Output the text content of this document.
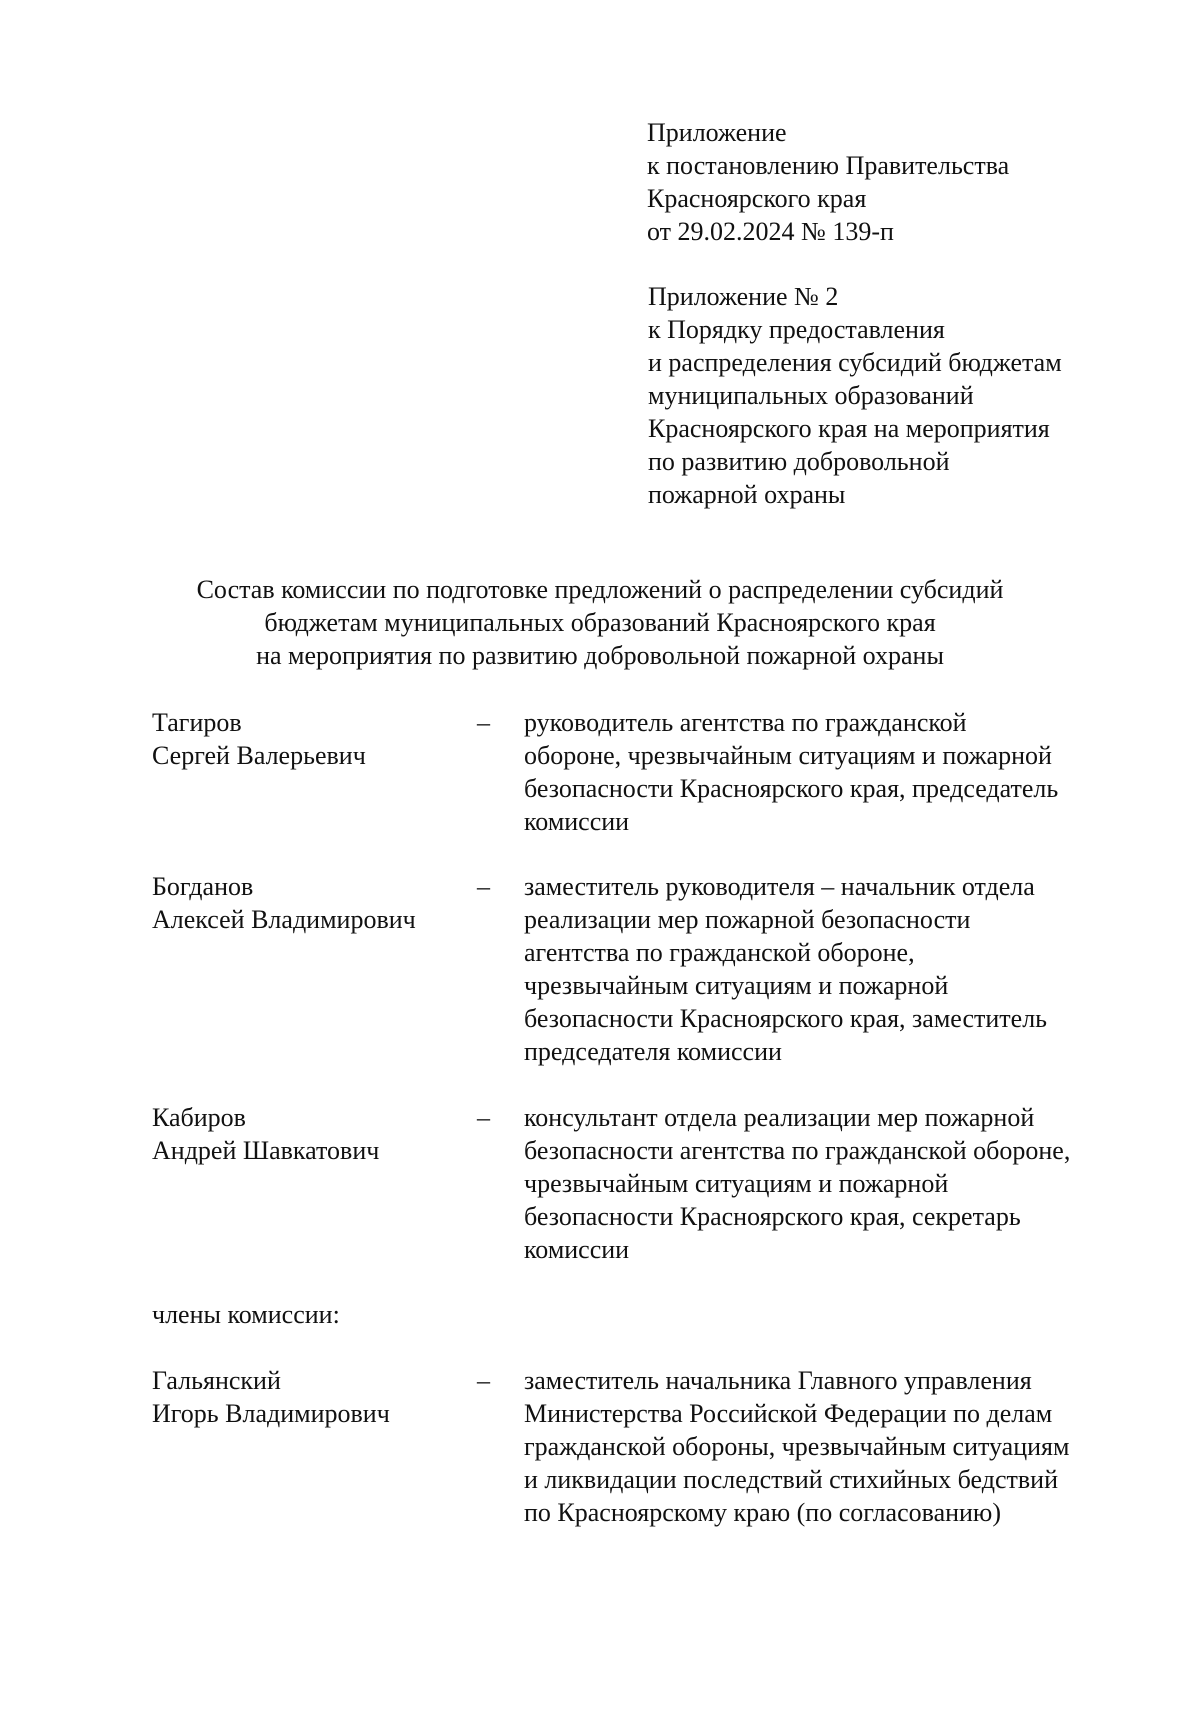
Приложение
к постановлению Правительства
Красноярского края
от 29.02.2024 № 139-п
Приложение № 2
к Порядку предоставления
и распределения субсидий бюджетам
муниципальных образований
Красноярского края на мероприятия
по развитию добровольной
пожарной охраны
Состав комиссии по подготовке предложений о распределении субсидий
бюджетам муниципальных образований Красноярского края
на мероприятия по развитию добровольной пожарной охраны
Тагиров
Сергей Валерьевич
– руководитель агентства по гражданской
обороне, чрезвычайным ситуациям и пожарной
безопасности Красноярского края, председатель
комиссии
Богданов
Алексей Владимирович
– заместитель руководителя – начальник отдела
реализации мер пожарной безопасности
агентства по гражданской обороне,
чрезвычайным ситуациям и пожарной
безопасности Красноярского края, заместитель
председателя комиссии
Кабиров
Андрей Шавкатович
– консультант отдела реализации мер пожарной
безопасности агентства по гражданской обороне,
чрезвычайным ситуациям и пожарной
безопасности Красноярского края, секретарь
комиссии
члены комиссии:
Гальянский
Игорь Владимирович
– заместитель начальника Главного управления
Министерства Российской Федерации по делам
гражданской обороны, чрезвычайным ситуациям
и ликвидации последствий стихийных бедствий
по Красноярскому краю (по согласованию)
